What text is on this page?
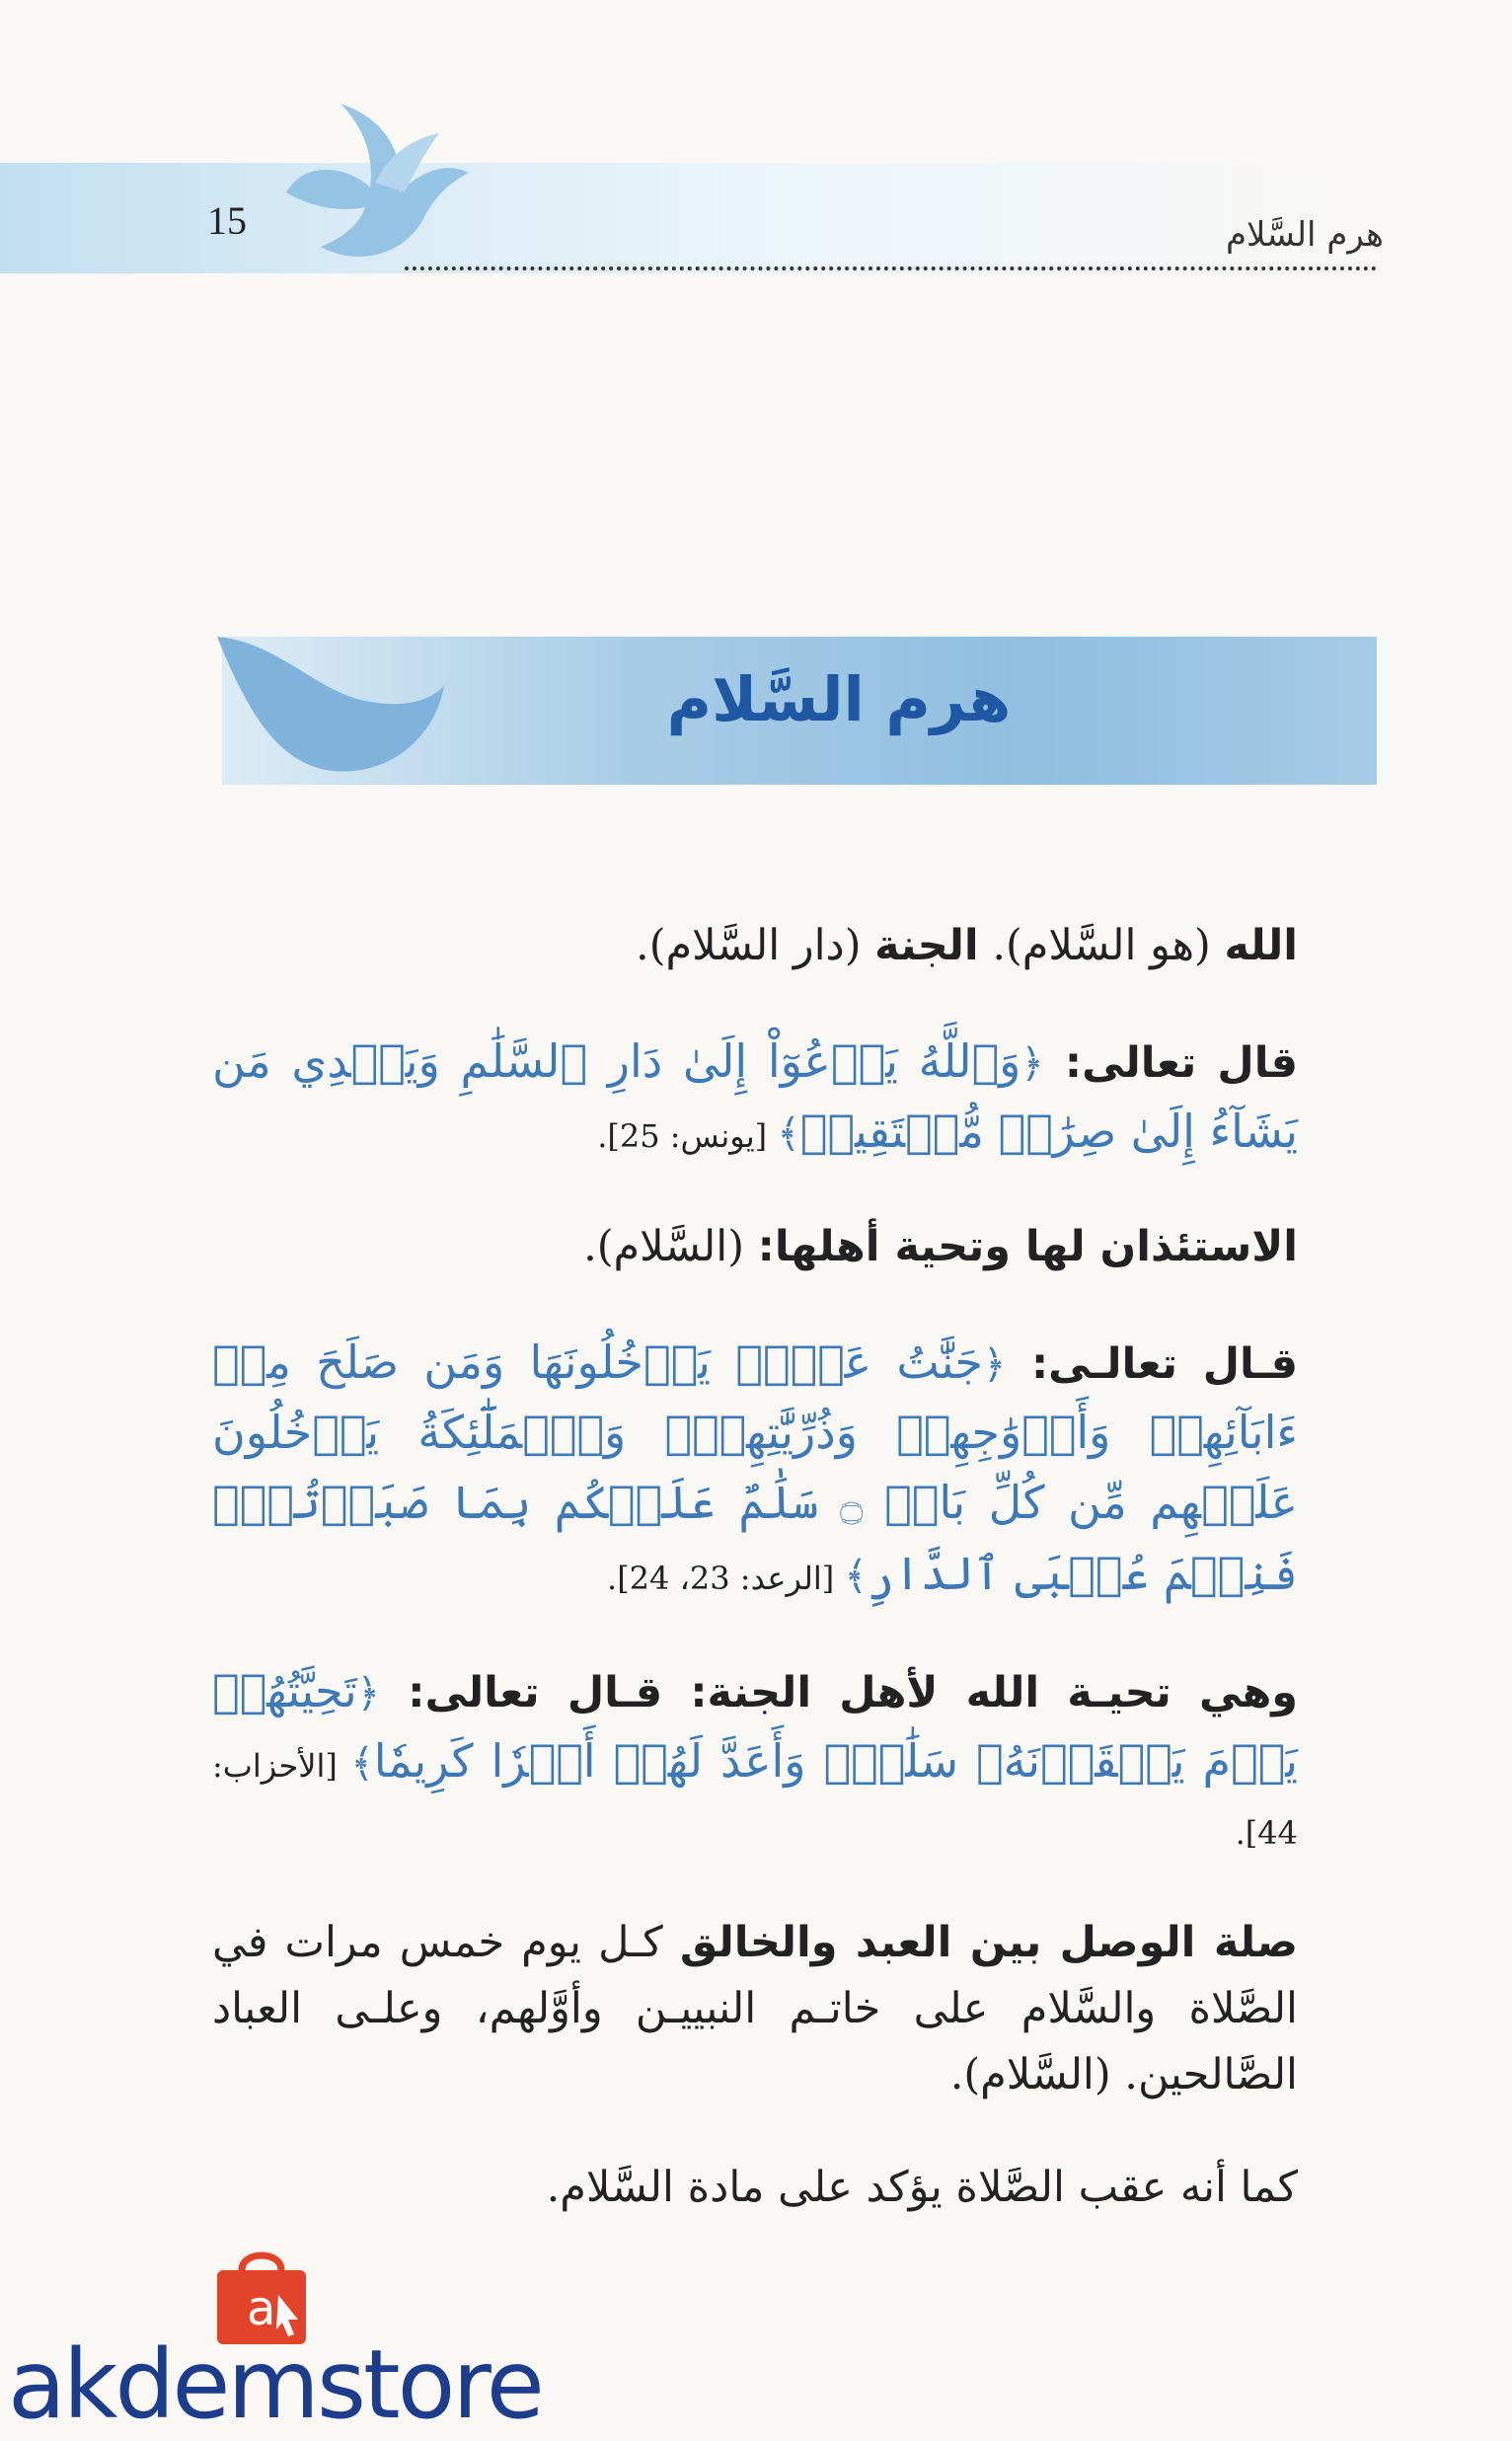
15	هرم السَّلام
هرم السَّلام

الله (هو السَّلام). الجنة (دار السَّلام).

قال تعالى: ﴿وَٱللَّهُ يَدۡعُوٓاْ إِلَىٰ دَارِ ٱلسَّلَٰمِ وَيَهۡدِي مَن يَشَآءُ إِلَىٰ صِرَٰطٖ مُّسۡتَقِيمٖ﴾ [يونس: 25].

الاستئذان لها وتحية أهلها: (السَّلام).

قـال تعالـى: ﴿جَنَّٰتُ عَدۡنٖ يَدۡخُلُونَهَا وَمَن صَلَحَ مِنۡ ءَابَآئِهِمۡ وَأَزۡوَٰجِهِمۡ وَذُرِّيَّٰتِهِمۡۖ وَٱلۡمَلَٰٓئِكَةُ يَدۡخُلُونَ عَلَيۡهِم مِّن كُلِّ بَابٖ ۝ سَلَٰمٌ عَلَيۡكُم بِمَا صَبَرۡتُمۡۚ فَنِعۡمَ عُقۡبَى ٱلدَّارِ﴾ [الرعد: 23، 24].

وهي تحيـة الله لأهل الجنة: قـال تعالى: ﴿تَحِيَّتُهُمۡ يَوۡمَ يَلۡقَوۡنَهُۥ سَلَٰمٞۚ وَأَعَدَّ لَهُمۡ أَجۡرٗا كَرِيمٗا﴾ [الأحزاب: 44].

صلة الوصل بين العبد والخالق كـل يوم خمس مرات في الصَّلاة والسَّلام على خاتـم النبييـن وأوَّلهم، وعلـى العباد الصَّالحين. (السَّلام).

كما أنه عقب الصَّلاة يؤكد على مادة السَّلام.

a
akdemstore
